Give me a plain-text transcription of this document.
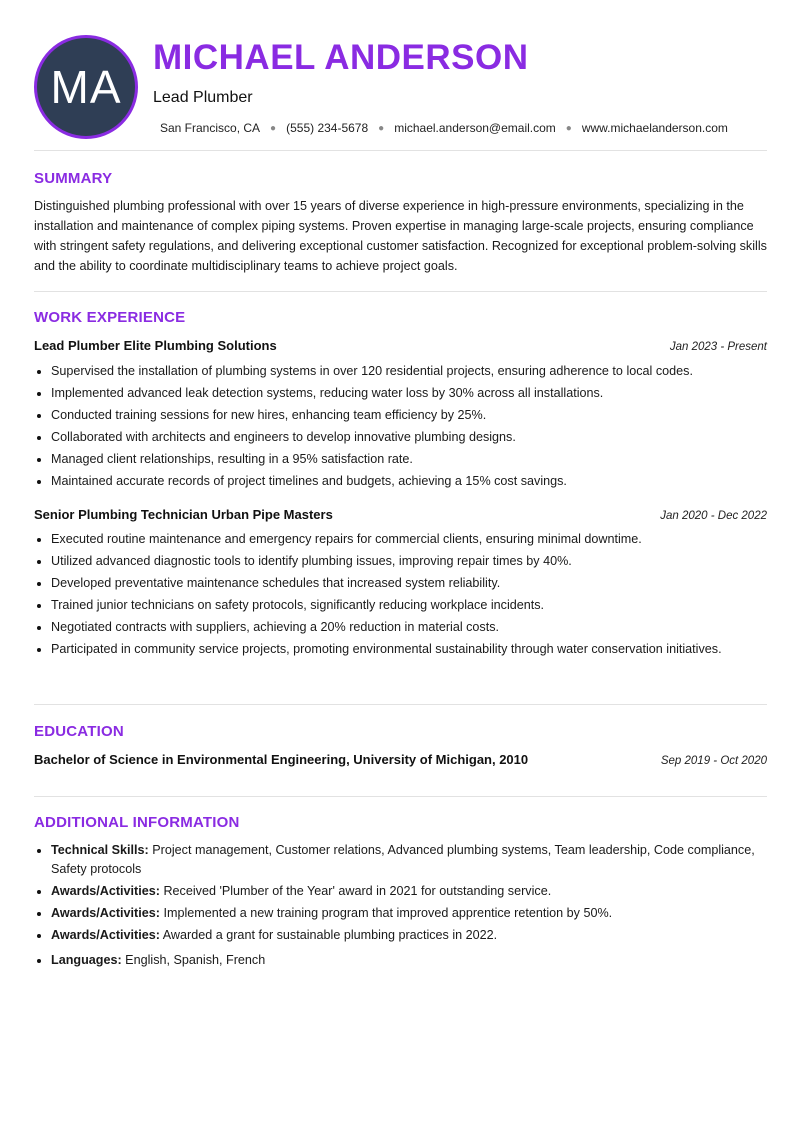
MA
MICHAEL ANDERSON
Lead Plumber
San Francisco, CA ● (555) 234-5678 ● michael.anderson@email.com ● www.michaelanderson.com
SUMMARY

Distinguished plumbing professional with over 15 years of diverse experience in high-pressure environments, specializing in the installation and maintenance of complex piping systems. Proven expertise in managing large-scale projects, ensuring compliance with stringent safety regulations, and delivering exceptional customer satisfaction. Recognized for exceptional problem-solving skills and the ability to coordinate multidisciplinary teams to achieve project goals.

WORK EXPERIENCE
Lead Plumber Elite Plumbing Solutions	Jan 2023 - Present
• Supervised the installation of plumbing systems in over 120 residential projects, ensuring adherence to local codes.
• Implemented advanced leak detection systems, reducing water loss by 30% across all installations.
• Conducted training sessions for new hires, enhancing team efficiency by 25%.
• Collaborated with architects and engineers to develop innovative plumbing designs.
• Managed client relationships, resulting in a 95% satisfaction rate.
• Maintained accurate records of project timelines and budgets, achieving a 15% cost savings.
Senior Plumbing Technician Urban Pipe Masters	Jan 2020 - Dec 2022
• Executed routine maintenance and emergency repairs for commercial clients, ensuring minimal downtime.
• Utilized advanced diagnostic tools to identify plumbing issues, improving repair times by 40%.
• Developed preventative maintenance schedules that increased system reliability.
• Trained junior technicians on safety protocols, significantly reducing workplace incidents.
• Negotiated contracts with suppliers, achieving a 20% reduction in material costs.
• Participated in community service projects, promoting environmental sustainability through water conservation initiatives.
EDUCATION
Bachelor of Science in Environmental Engineering, University of Michigan, 2010	Sep 2019 - Oct 2020
ADDITIONAL INFORMATION
• Technical Skills: Project management, Customer relations, Advanced plumbing systems, Team leadership, Code compliance, Safety protocols
• Awards/Activities: Received 'Plumber of the Year' award in 2021 for outstanding service.
• Awards/Activities: Implemented a new training program that improved apprentice retention by 50%.
• Awards/Activities: Awarded a grant for sustainable plumbing practices in 2022.
• Languages: English, Spanish, French
